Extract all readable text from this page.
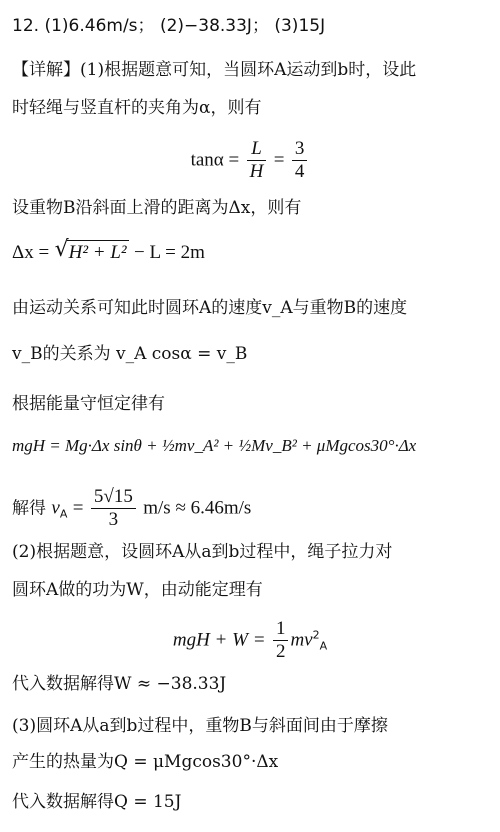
12. (1)6.46m/s； (2)−38.33J； (3)15J
【详解】(1)根据题意可知，当圆环A运动到b时，设此
时轻绳与竖直杆的夹角为α，则有
$\tan\alpha = \frac{L}{H} = \frac{3}{4}$
设重物B沿斜面上滑的距离为Δx，则有
Δx = √ H² + L² − L = 2m
由运动关系可知此时圆环A的速度v_A与重物B的速度
v_B的关系为 v_A cosα = v_B
根据能量守恒定律有
mgH = Mg·Δx sinθ + ½mv_A² + ½Mv_B² + μMgcos30°·Δx
解得 $v_A = \frac{5√15}{3} m/s \approx 6.46m/s$
(2)根据题意，设圆环A从a到b过程中，绳子拉力对
圆环A做的功为W，由动能定理有
mgH + $W = \frac{1}{2} mv^2_A$
代入数据解得W ≈ −38.33J
(3)圆环A从a到b过程中，重物B与斜面间由于摩擦
产生的热量为Q = μMgcos30°·Δx
代入数据解得Q = 15J
